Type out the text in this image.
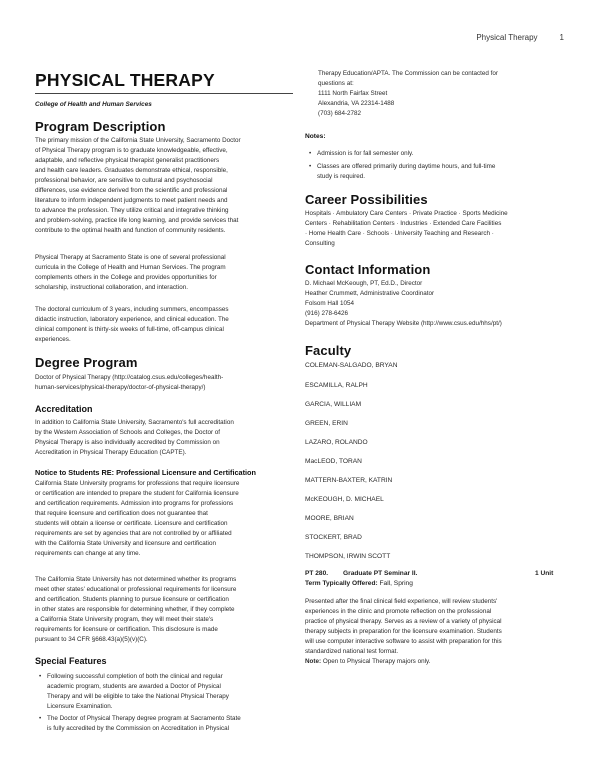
Physical Therapy	1
PHYSICAL THERAPY
College of Health and Human Services
Program Description

The primary mission of the California State University, Sacramento Doctor

of Physical Therapy program is to graduate knowledgeable, effective,

adaptable, and reflective physical therapist generalist practitioners

and health care leaders. Graduates demonstrate ethical, responsible,

professional behavior, are sensitive to cultural and psychosocial

differences, use evidence derived from the scientific and professional

literature to inform independent judgments to meet patient needs and

to advance the profession. They utilize critical and integrative thinking

and problem-solving, practice life long learning, and provide services that

contribute to the optimal health and function of community residents.

Physical Therapy at Sacramento State is one of several professional

curricula in the College of Health and Human Services. The program

complements others in the College and provides opportunities for

scholarship, instructional collaboration, and interaction.

The doctoral curriculum of 3 years, including summers, encompasses

didactic instruction, laboratory experience, and clinical education. The

clinical component is thirty-six weeks of full-time, off-campus clinical

experiences.

Degree Program

Doctor of Physical Therapy (http://catalog.csus.edu/colleges/health-

human-services/physical-therapy/doctor-of-physical-therapy/)

Accreditation

In addition to California State University, Sacramento's full accreditation

by the Western Association of Schools and Colleges, the Doctor of

Physical Therapy is also individually accredited by Commission on

Accreditation in Physical Therapy Education (CAPTE).

Notice to Students RE: Professional Licensure and Certification

California State University programs for professions that require licensure

or certification are intended to prepare the student for California licensure

and certification requirements. Admission into programs for professions

that require licensure and certification does not guarantee that

students will obtain a license or certificate. Licensure and certification

requirements are set by agencies that are not controlled by or affiliated

with the California State University and licensure and certification

requirements can change at any time.

The California State University has not determined whether its programs

meet other states' educational or professional requirements for licensure

and certification. Students planning to pursue licensure or certification

in other states are responsible for determining whether, if they complete

a California State University program, they will meet their state's

requirements for licensure or certification. This disclosure is made

pursuant to 34 CFR §668.43(a)(5)(v)(C).

Special Features
• Following successful completion of both the clinical and regular
academic program, students are awarded a Doctor of Physical
Therapy and will be eligible to take the National Physical Therapy
Licensure Examination.
• The Doctor of Physical Therapy degree program at Sacramento State
is fully accredited by the Commission on Accreditation in Physical

Therapy Education/APTA. The Commission can be contacted for

questions at:

1111 North Fairfax Street

Alexandria, VA 22314-1488

(703) 684-2782

Notes:
• Admission is for fall semester only.
• Classes are offered primarily during daytime hours, and full-time
study is required.
Career Possibilities

Hospitals · Ambulatory Care Centers · Private Practice · Sports Medicine

Centers · Rehabilitation Centers · Industries · Extended Care Facilities

· Home Health Care · Schools · University Teaching and Research ·

Consulting

Contact Information

D. Michael McKeough, PT, Ed.D., Director

Heather Crummett, Administrative Coordinator

Folsom Hall 1054

(916) 278-6426

Department of Physical Therapy Website (http://www.csus.edu/hhs/pt/)

Faculty
COLEMAN-SALGADO, BRYAN
ESCAMILLA, RALPH
GARCIA, WILLIAM
GREEN, ERIN
LAZARO, ROLANDO
MacLEOD, TORAN
MATTERN-BAXTER, KATRIN
McKEOUGH, D. MICHAEL
MOORE, BRIAN
STOCKERT, BRAD
THOMPSON, IRWIN SCOTT
PT 280. Graduate PT Seminar II.	1 Unit
Term Typically Offered: Fall, Spring

Presented after the final clinical field experience, will review students'

experiences in the clinic and promote reflection on the professional

practice of physical therapy. Serves as a review of a variety of physical

therapy subjects in preparation for the licensure examination. Students

will use computer interactive software to assist with preparation for this

standardized national test format.

Note: Open to Physical Therapy majors only.
